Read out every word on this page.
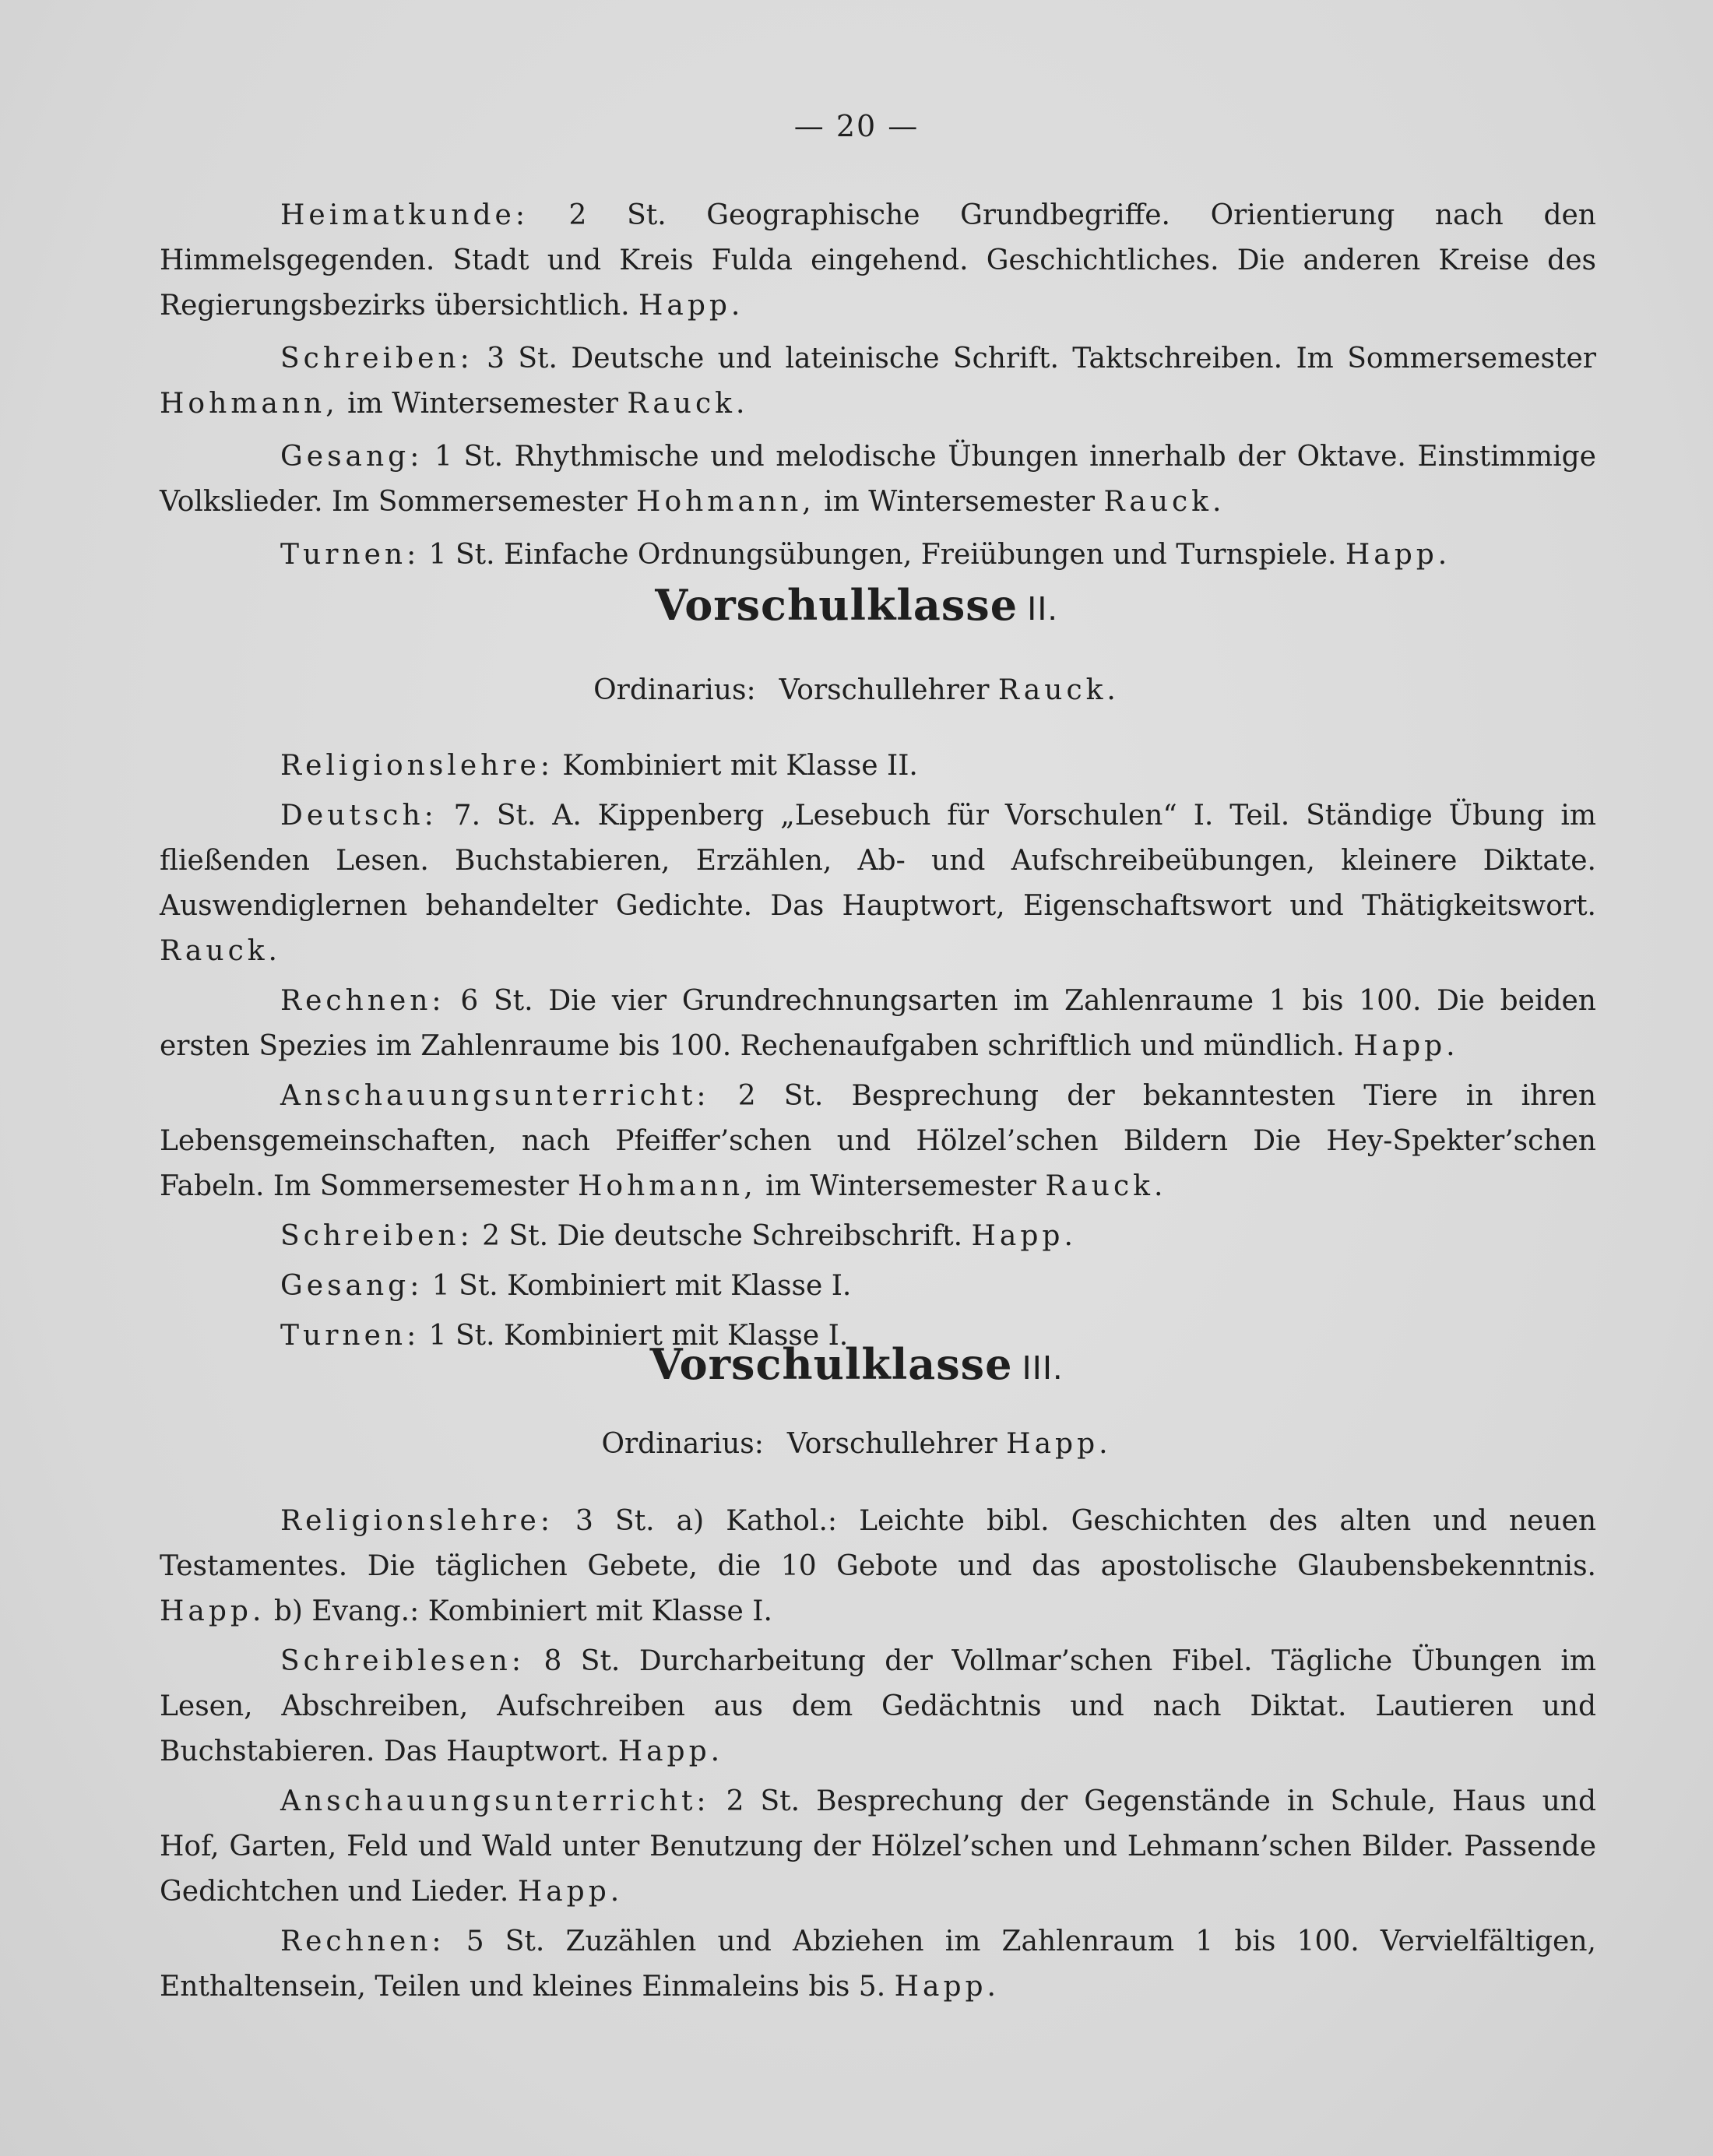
— 20 —

Heimatkunde: 2 St. Geographische Grundbegriffe. Orientierung nach den Himmelsgegenden. Stadt und Kreis Fulda eingehend. Geschichtliches. Die anderen Kreise des Regierungsbezirks übersichtlich. Happ.

Schreiben: 3 St. Deutsche und lateinische Schrift. Taktschreiben. Im Sommersemester Hohmann, im Wintersemester Rauck.

Gesang: 1 St. Rhythmische und melodische Übungen innerhalb der Oktave. Einstimmige Volkslieder. Im Sommersemester Hohmann, im Wintersemester Rauck.

Turnen: 1 St. Einfache Ordnungsübungen, Freiübungen und Turnspiele. Happ.

Vorschulklasse II.
Ordinarius: Vorschullehrer Rauck.

Religionslehre: Kombiniert mit Klasse II.

Deutsch: 7. St. A. Kippenberg „Lesebuch für Vorschulen“ I. Teil. Ständige Übung im fließenden Lesen. Buchstabieren, Erzählen, Ab- und Aufschreibeübungen, kleinere Diktate. Auswendiglernen behandelter Gedichte. Das Hauptwort, Eigenschaftswort und Thätigkeitswort. Rauck.

Rechnen: 6 St. Die vier Grundrechnungsarten im Zahlenraume 1 bis 100. Die beiden ersten Spezies im Zahlenraume bis 100. Rechenaufgaben schriftlich und mündlich. Happ.

Anschauungsunterricht: 2 St. Besprechung der bekanntesten Tiere in ihren Lebensgemeinschaften, nach Pfeiffer’schen und Hölzel’schen Bildern Die Hey-Spekter’schen Fabeln. Im Sommersemester Hohmann, im Wintersemester Rauck.

Schreiben: 2 St. Die deutsche Schreibschrift. Happ.

Gesang: 1 St. Kombiniert mit Klasse I.

Turnen: 1 St. Kombiniert mit Klasse I.

Vorschulklasse III.
Ordinarius: Vorschullehrer Happ.

Religionslehre: 3 St. a) Kathol.: Leichte bibl. Geschichten des alten und neuen Testamentes. Die täglichen Gebete, die 10 Gebote und das apostolische Glaubensbekenntnis. Happ. b) Evang.: Kombiniert mit Klasse I.

Schreiblesen: 8 St. Durcharbeitung der Vollmar’schen Fibel. Tägliche Übungen im Lesen, Abschreiben, Aufschreiben aus dem Gedächtnis und nach Diktat. Lautieren und Buchstabieren. Das Hauptwort. Happ.

Anschauungsunterricht: 2 St. Besprechung der Gegenstände in Schule, Haus und Hof, Garten, Feld und Wald unter Benutzung der Hölzel’schen und Lehmann’schen Bilder. Passende Gedichtchen und Lieder. Happ.

Rechnen: 5 St. Zuzählen und Abziehen im Zahlenraum 1 bis 100. Vervielfältigen, Enthaltensein, Teilen und kleines Einmaleins bis 5. Happ.
